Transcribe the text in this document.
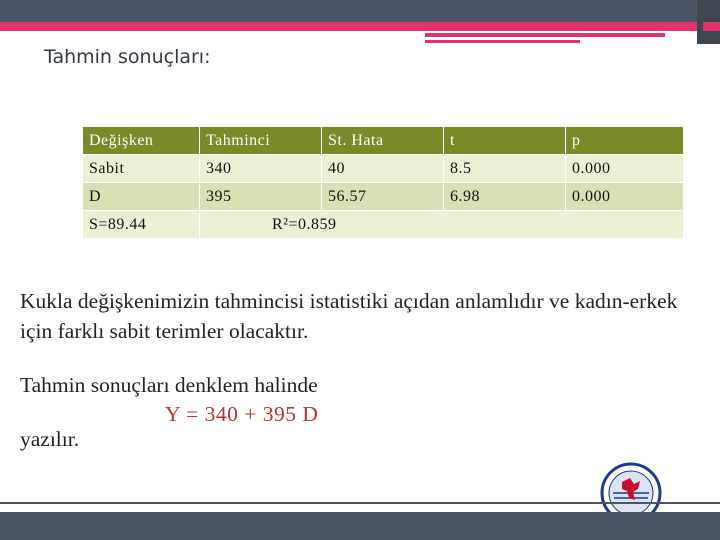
Tahmin sonuçları:
Değişken	Tahminci	St. Hata	t	p
Sabit	340	40	8.5	0.000
D	395	56.57	6.98	0.000
S=89.44	R²=0.859			

Kukla değişkenimizin tahmincisi istatistiki açıdan anlamlıdır ve kadın-erkek için farklı sabit terimler olacaktır.

Tahmin sonuçları denklem halinde

Y = 340 + 395 D

yazılır.
